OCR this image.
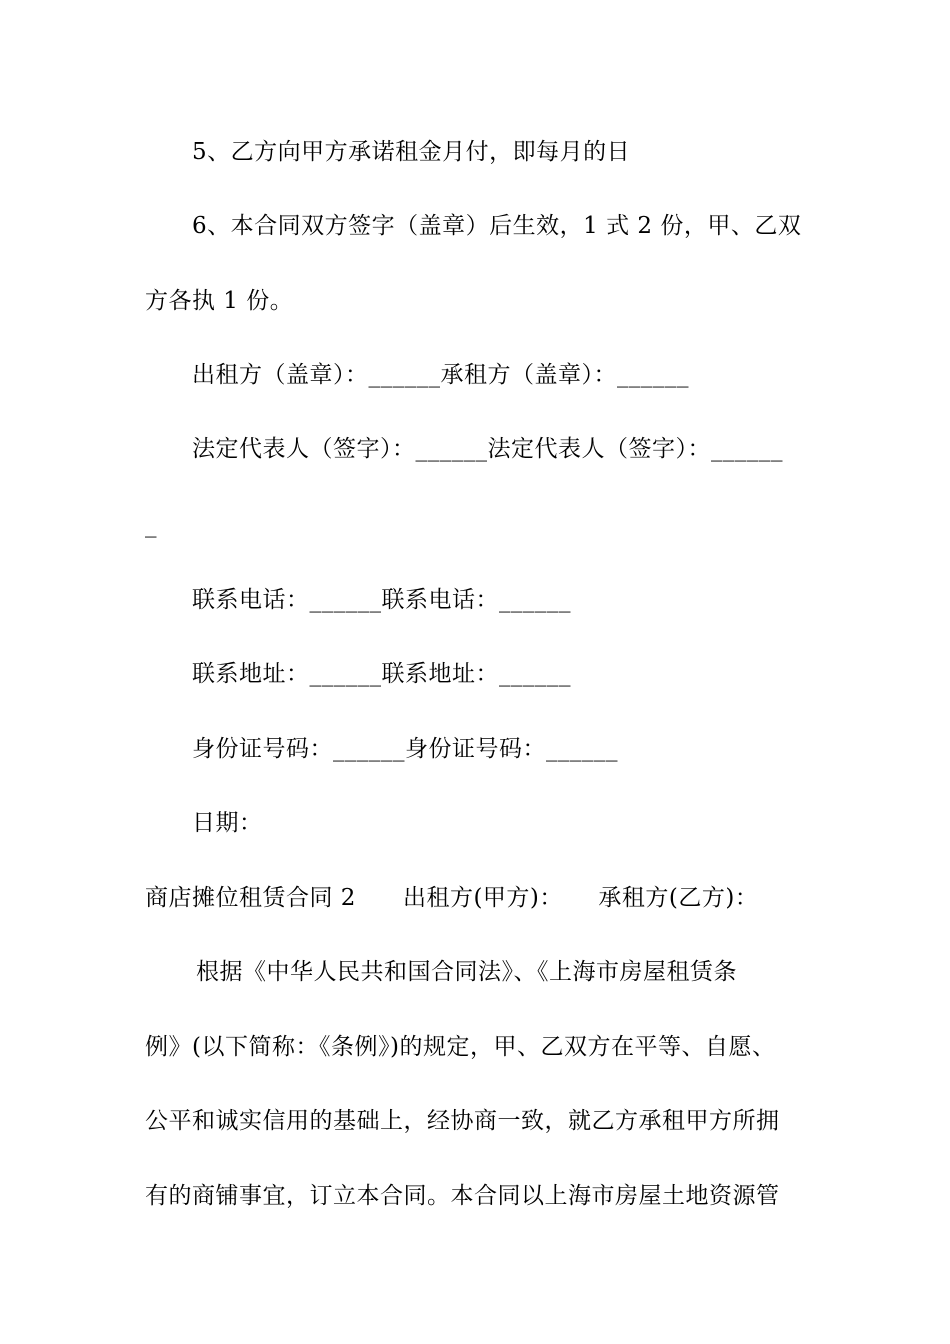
5、乙方向甲方承诺租金月付，即每月的日
6、本合同双方签字（盖章）后生效，1 式 2 份，甲、乙双
方各执 1 份。
出租方（盖章）：______承租方（盖章）：______
法定代表人（签字）：______法定代表人（签字）：______
_
联系电话：______联系电话：______
联系地址：______联系地址：______
身份证号码：______身份证号码：______
日期：
商店摊位租赁合同 2　　出租方(甲方)：　　承租方(乙方)：
根据《中华人民共和国合同法》、《上海市房屋租赁条
例》(以下简称：《条例》)的规定，甲、乙双方在平等、自愿、
公平和诚实信用的基础上，经协商一致，就乙方承租甲方所拥
有的商铺事宜，订立本合同。本合同以上海市房屋土地资源管
